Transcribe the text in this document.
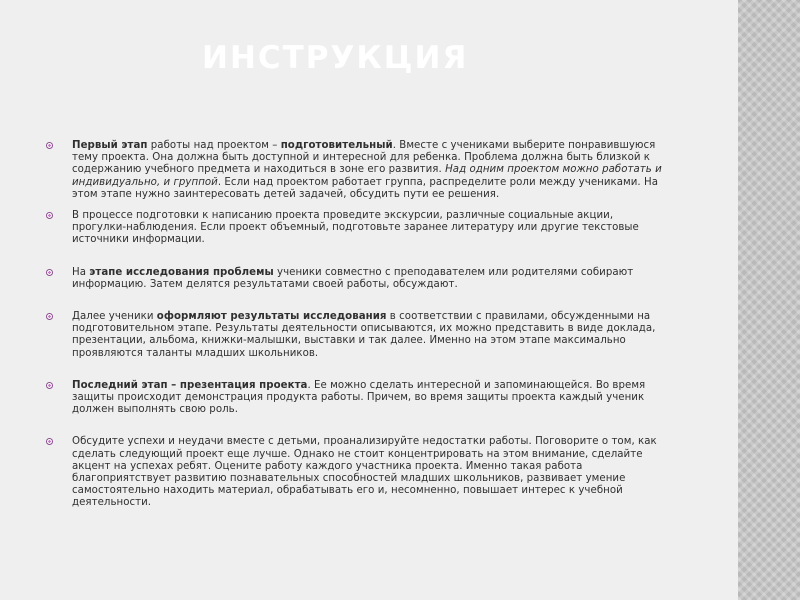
ИНСТРУКЦИЯ
Первый этап работы над проектом – подготовительный. Вместе с учениками выберите понравившуюся тему проекта. Она должна быть доступной и интересной для ребенка. Проблема должна быть близкой к содержанию учебного предмета и находиться в зоне его развития. Над одним проектом можно работать и индивидуально, и группой. Если над проектом работает группа, распределите роли между учениками. На этом этапе нужно заинтересовать детей задачей, обсудить пути ее решения.
В процессе подготовки к написанию проекта проведите экскурсии, различные социальные акции, прогулки-наблюдения. Если проект объемный, подготовьте заранее литературу или другие текстовые источники информации.
На этапе исследования проблемы ученики совместно с преподавателем или родителями собирают информацию. Затем делятся результатами своей работы, обсуждают.
Далее ученики оформляют результаты исследования в соответствии с правилами, обсужденными на подготовительном этапе. Результаты деятельности описываются, их можно представить в виде доклада, презентации, альбома, книжки-малышки, выставки и так далее. Именно на этом этапе максимально проявляются таланты младших школьников.
Последний этап – презентация проекта. Ее можно сделать интересной и запоминающейся. Во время защиты происходит демонстрация продукта работы. Причем, во время защиты проекта каждый ученик должен выполнять свою роль.
Обсудите успехи и неудачи вместе с детьми, проанализируйте недостатки работы. Поговорите о том, как сделать следующий проект еще лучше. Однако не стоит концентрировать на этом внимание, сделайте акцент на успехах ребят. Оцените работу каждого участника проекта. Именно такая работа благоприятствует развитию познавательных способностей младших школьников, развивает умение самостоятельно находить материал, обрабатывать его и, несомненно, повышает интерес к учебной деятельности.
